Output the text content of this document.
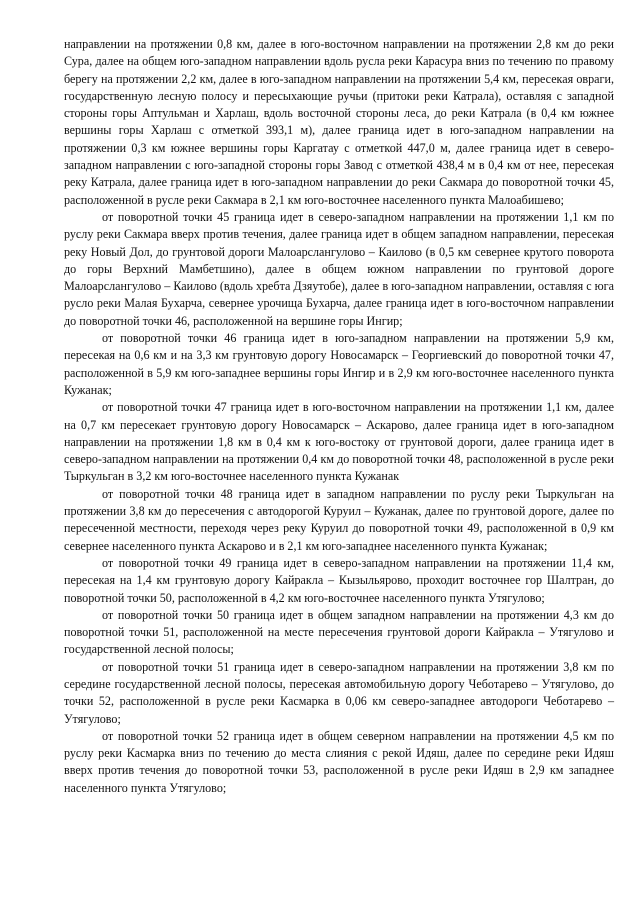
направлении на протяжении 0,8 км, далее в юго-восточном направлении на протяжении 2,8 км до реки Сура, далее на общем юго-западном направлении вдоль русла реки Карасура вниз по течению по правому берегу на протяжении 2,2 км, далее в юго-западном направлении на протяжении 5,4 км, пересекая овраги, государственную лесную полосу и пересыхающие ручьи (притоки реки Катрала), оставляя с западной стороны горы Аптульман и Харлаш, вдоль восточной стороны леса, до реки Катрала (в 0,4 км южнее вершины горы Харлаш с отметкой 393,1 м), далее граница идет в юго-западном направлении на протяжении 0,3 км южнее вершины горы Каргатау с отметкой 447,0 м, далее граница идет в северо-западном направлении с юго-западной стороны горы Завод с отметкой 438,4 м в 0,4 км от нее, пересекая реку Катрала, далее граница идет в юго-западном направлении до реки Сакмара до поворотной точки 45, расположенной в русле реки Сакмара в 2,1 км юго-восточнее населенного пункта Малоабишево;

от поворотной точки 45 граница идет в северо-западном направлении на протяжении 1,1 км по руслу реки Сакмара вверх против течения, далее граница идет в общем западном направлении, пересекая реку Новый Дол, до грунтовой дороги Малоарслангулово – Каилово (в 0,5 км севернее крутого поворота до горы Верхний Мамбетшино), далее в общем южном направлении по грунтовой дороге Малоарслангулово – Каилово (вдоль хребта Дзяутобе), далее в юго-западном направлении, оставляя с юга русло реки Малая Бухарча, севернее урочища Бухарча, далее граница идет в юго-восточном направлении до поворотной точки 46, расположенной на вершине горы Ингир;

от поворотной точки 46 граница идет в юго-западном направлении на протяжении 5,9 км, пересекая на 0,6 км и на 3,3 км грунтовую дорогу Новосамарск – Георгиевский до поворотной точки 47, расположенной в 5,9 км юго-западнее вершины горы Ингир и в 2,9 км юго-восточнее населенного пункта Кужанак;

от поворотной точки 47 граница идет в юго-восточном направлении на протяжении 1,1 км, далее на 0,7 км пересекает грунтовую дорогу Новосамарск – Аскарово, далее граница идет в юго-западном направлении на протяжении 1,8 км в 0,4 км к юго-востоку от грунтовой дороги, далее граница идет в северо-западном направлении на протяжении 0,4 км до поворотной точки 48, расположенной в русле реки Тыркульган в 3,2 км юго-восточнее населенного пункта Кужанак

от поворотной точки 48 граница идет в западном направлении по руслу реки Тыркульган на протяжении 3,8 км до пересечения с автодорогой Куруил – Кужанак, далее по грунтовой дороге, далее по пересеченной местности, переходя через реку Куруил до поворотной точки 49, расположенной в 0,9 км севернее населенного пункта Аскарово и в 2,1 км юго-западнее населенного пункта Кужанак;

от поворотной точки 49 граница идет в северо-западном направлении на протяжении 11,4 км, пересекая на 1,4 км грунтовую дорогу Кайракла – Кызыльярово, проходит восточнее гор Шалтран, до поворотной точки 50, расположенной в 4,2 км юго-восточнее населенного пункта Утягулово;

от поворотной точки 50 граница идет в общем западном направлении на протяжении 4,3 км до поворотной точки 51, расположенной на месте пересечения грунтовой дороги Кайракла – Утягулово и государственной лесной полосы;

от поворотной точки 51 граница идет в северо-западном направлении на протяжении 3,8 км по середине государственной лесной полосы, пересекая автомобильную дорогу Чеботарево – Утягулово, до точки 52, расположенной в русле реки Касмарка в 0,06 км северо-западнее автодороги Чеботарево – Утягулово;

от поворотной точки 52 граница идет в общем северном направлении на протяжении 4,5 км по руслу реки Касмарка вниз по течению до места слияния с рекой Идяш, далее по середине реки Идяш вверх против течения до поворотной точки 53, расположенной в русле реки Идяш в 2,9 км западнее населенного пункта Утягулово;
